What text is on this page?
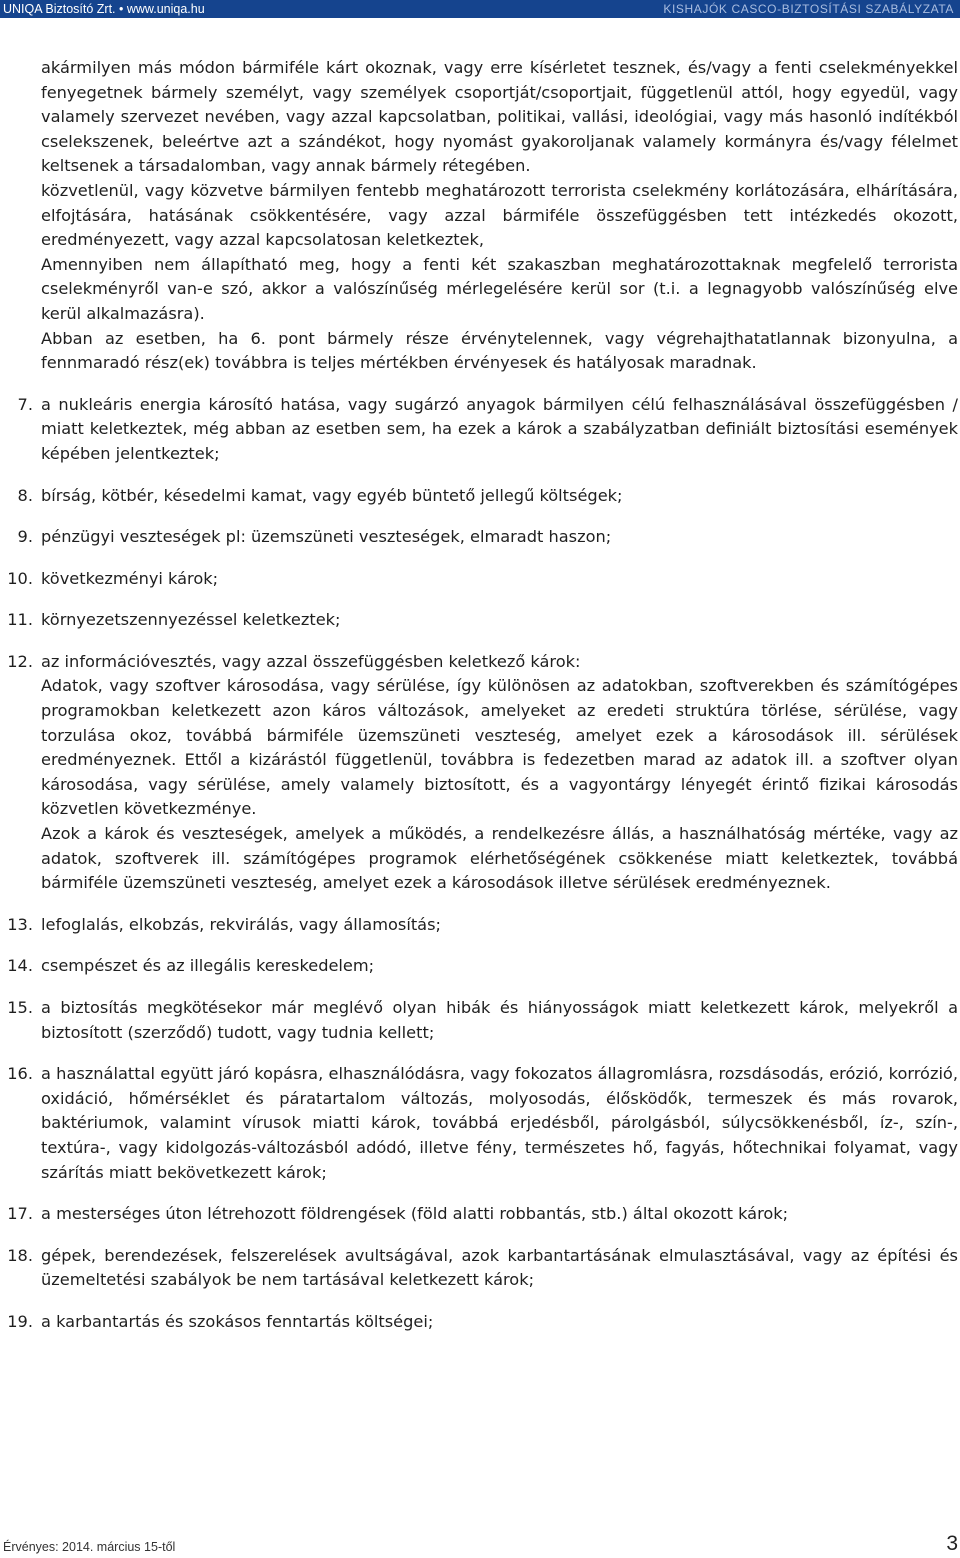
UNIQA Biztosító Zrt. • www.uniqa.hu	KISHAJÓK CASCO-BIZTOSÍTÁSI SZABÁLYZATA

akármilyen más módon bármiféle kárt okoznak, vagy erre kísérletet tesznek, és/vagy a fenti cselekményekkel fenyegetnek bármely személyt, vagy személyek csoportját/csoportjait, függetlenül attól, hogy egyedül, vagy valamely szervezet nevében, vagy azzal kapcsolatban, politikai, vallási, ideológiai, vagy más hasonló indítékból cselekszenek, beleértve azt a szándékot, hogy nyomást gyakoroljanak valamely kormányra és/vagy félelmet keltsenek a társadalomban, vagy annak bármely rétegében.

közvetlenül, vagy közvetve bármilyen fentebb meghatározott terrorista cselekmény korlátozására, elhárítására, elfojtására, hatásának csökkentésére, vagy azzal bármiféle összefüggésben tett intézkedés okozott, eredményezett, vagy azzal kapcsolatosan keletkeztek,

Amennyiben nem állapítható meg, hogy a fenti két szakaszban meghatározottaknak megfelelő terrorista cselekményről van-e szó, akkor a valószínűség mérlegelésére kerül sor (t.i. a legnagyobb valószínűség elve kerül alkalmazásra).

Abban az esetben, ha 6. pont bármely része érvénytelennek, vagy végrehajthatatlannak bizonyulna, a fennmaradó rész(ek) továbbra is teljes mértékben érvényesek és hatályosak maradnak.

7. a nukleáris energia károsító hatása, vagy sugárzó anyagok bármilyen célú felhasználásával összefüggésben / miatt keletkeztek, még abban az esetben sem, ha ezek a károk a szabályzatban definiált biztosítási események képében jelentkeztek;

8. bírság, kötbér, késedelmi kamat, vagy egyéb büntető jellegű költségek;

9. pénzügyi veszteségek pl: üzemszüneti veszteségek, elmaradt haszon;

10. következményi károk;

11. környezetszennyezéssel keletkeztek;

12. az információvesztés, vagy azzal összefüggésben keletkező károk:

Adatok, vagy szoftver károsodása, vagy sérülése, így különösen az adatokban, szoftverekben és számítógépes programokban keletkezett azon káros változások, amelyeket az eredeti struktúra törlése, sérülése, vagy torzulása okoz, továbbá bármiféle üzemszüneti veszteség, amelyet ezek a károsodások ill. sérülések eredményeznek. Ettől a kizárástól függetlenül, továbbra is fedezetben marad az adatok ill. a szoftver olyan károsodása, vagy sérülése, amely valamely biztosított, és a vagyontárgy lényegét érintő fizikai károsodás közvetlen következménye.

Azok a károk és veszteségek, amelyek a működés, a rendelkezésre állás, a használhatóság mértéke, vagy az adatok, szoftverek ill. számítógépes programok elérhetőségének csökkenése miatt keletkeztek, továbbá bármiféle üzemszüneti veszteség, amelyet ezek a károsodások illetve sérülések eredményeznek.

13. lefoglalás, elkobzás, rekvirálás, vagy államosítás;

14. csempészet és az illegális kereskedelem;

15. a biztosítás megkötésekor már meglévő olyan hibák és hiányosságok miatt keletkezett károk, melyekről a biztosított (szerződő) tudott, vagy tudnia kellett;

16. a használattal együtt járó kopásra, elhasználódásra, vagy fokozatos állagromlásra, rozsdásodás, erózió, korrózió, oxidáció, hőmérséklet és páratartalom változás, molyosodás, élősködők, termeszek és más rovarok, baktériumok, valamint vírusok miatti károk, továbbá erjedésből, párolgásból, súlycsökkenésből, íz-, szín-, textúra-, vagy kidolgozás-változásból adódó, illetve fény, természetes hő, fagyás, hőtechnikai folyamat, vagy szárítás miatt bekövetkezett károk;

17. a mesterséges úton létrehozott földrengések (föld alatti robbantás, stb.) által okozott károk;

18. gépek, berendezések, felszerelések avultságával, azok karbantartásának elmulasztásával, vagy az építési és üzemeltetési szabályok be nem tartásával keletkezett károk;

19. a karbantartás és szokásos fenntartás költségei;

Érvényes: 2014. március 15-től	3
